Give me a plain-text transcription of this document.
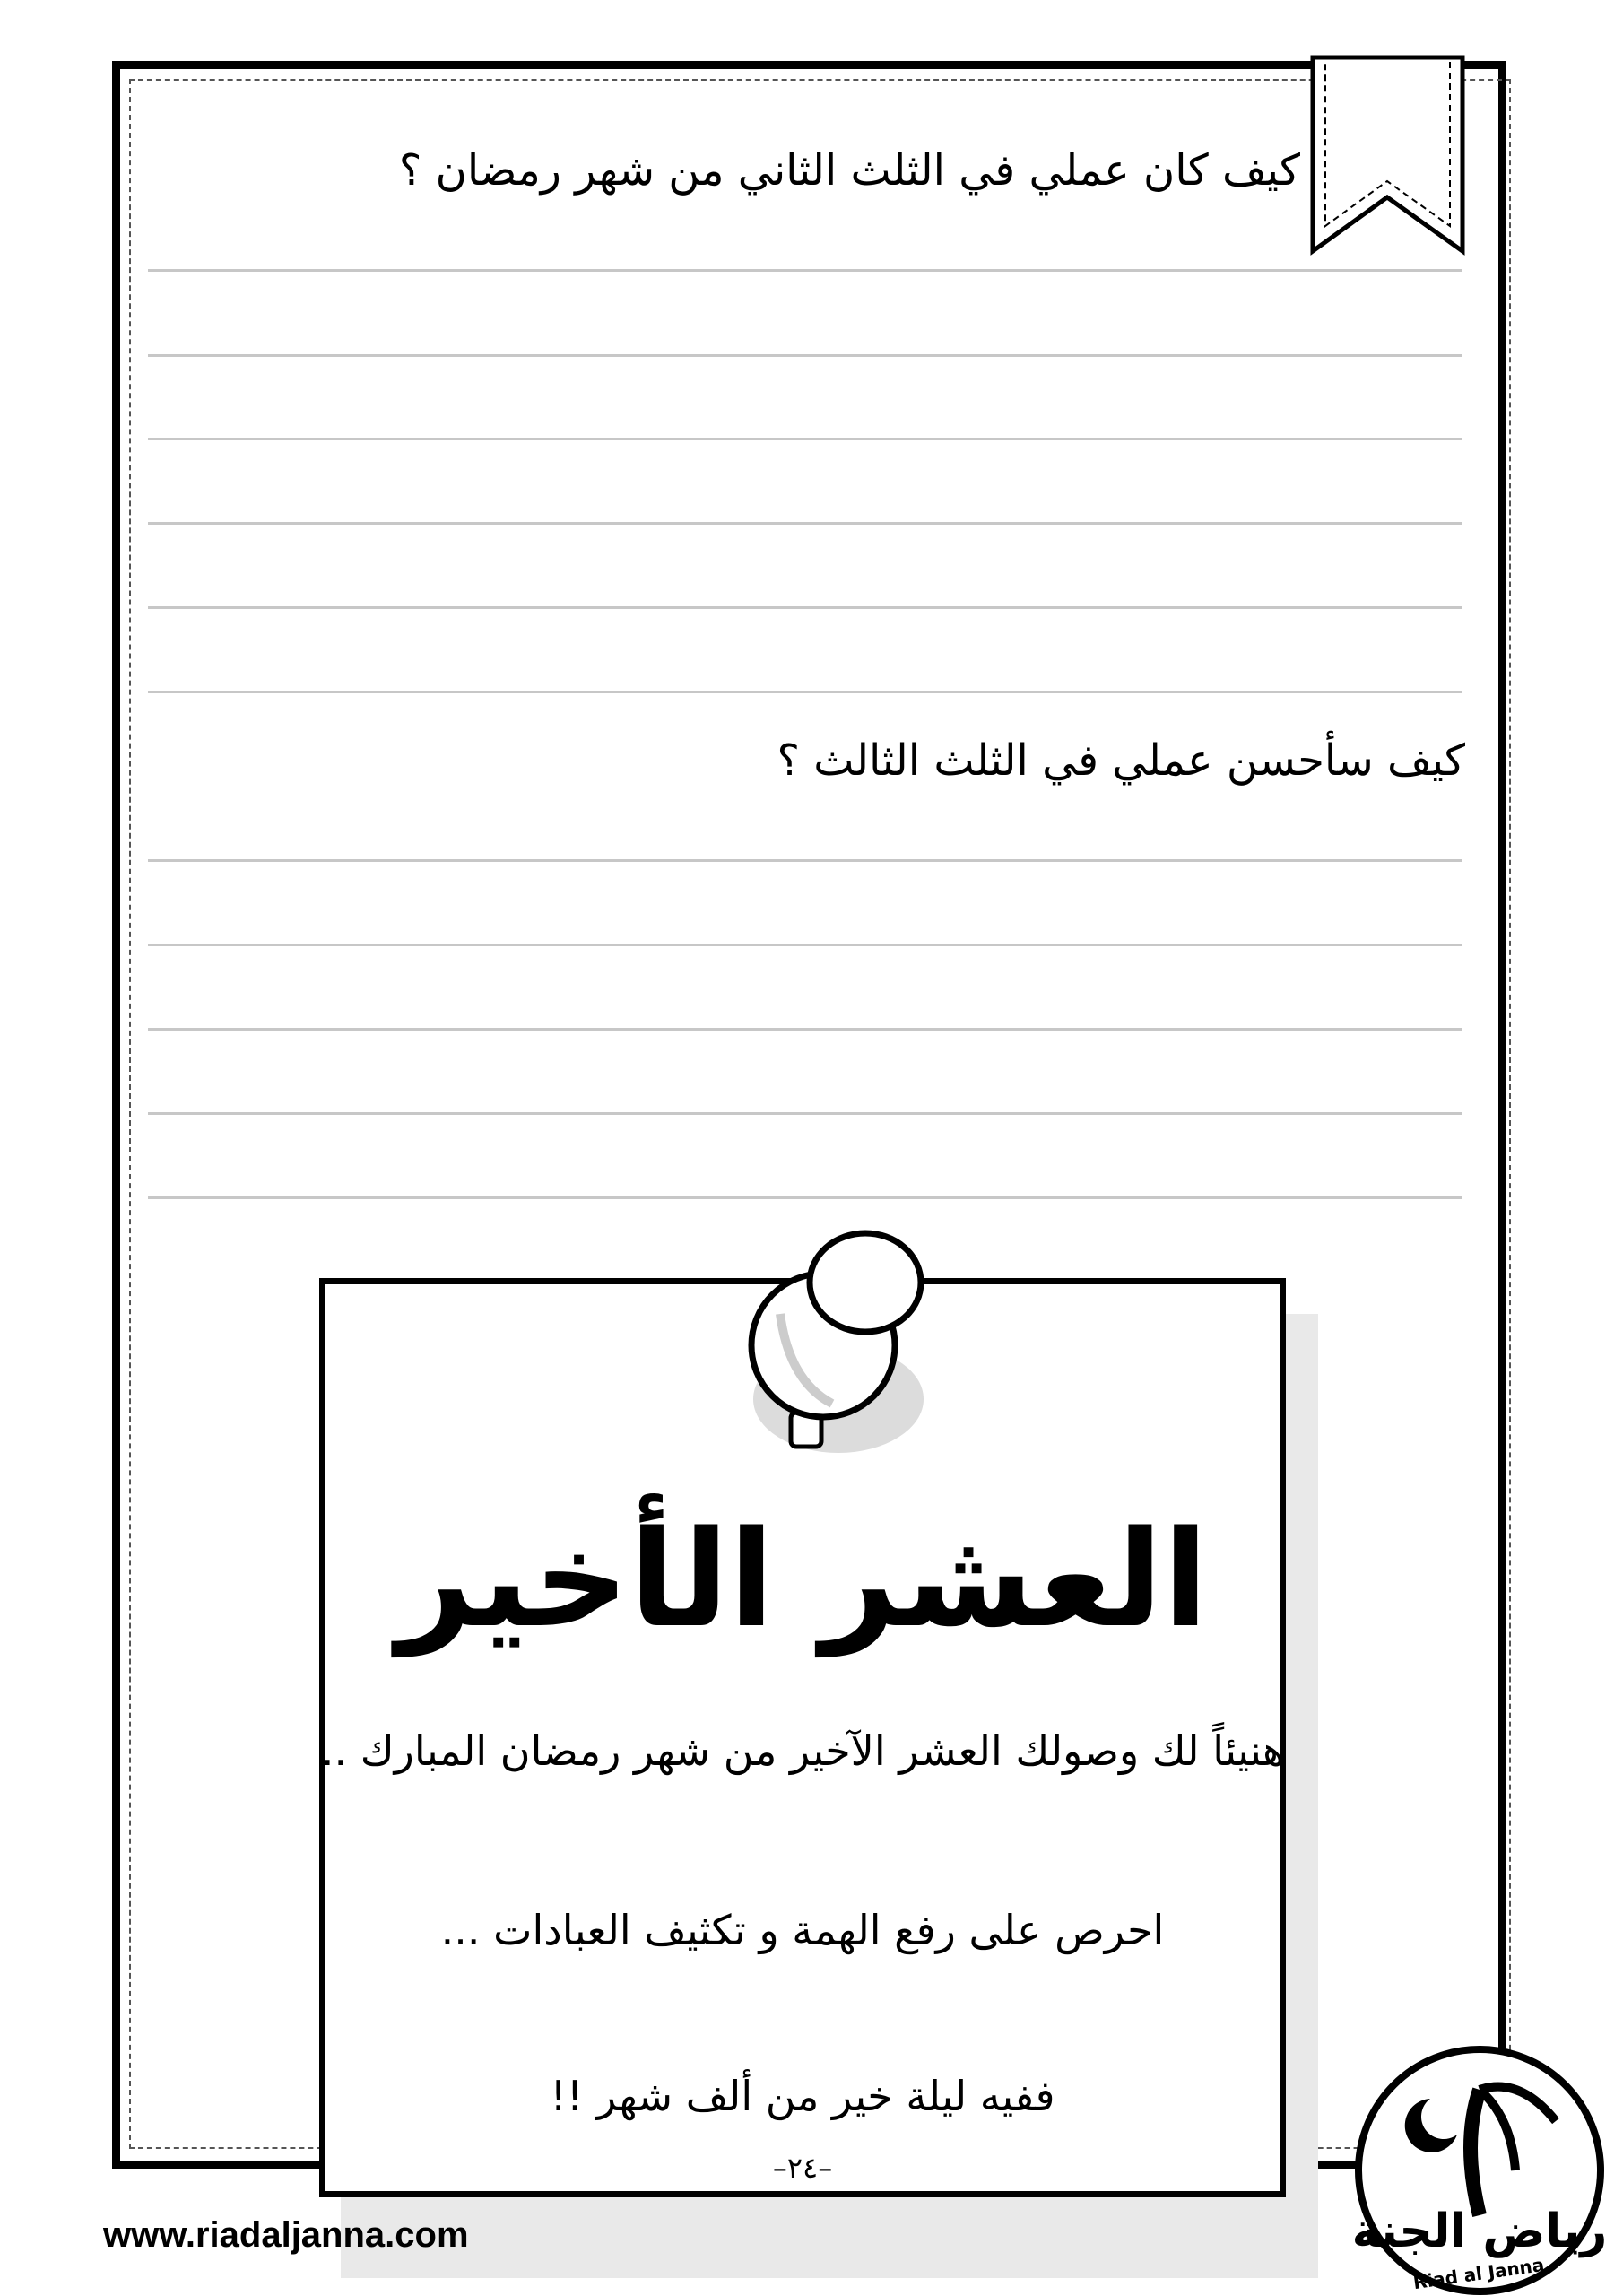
كيف كان عملي في الثلث الثاني من شهر رمضان ؟
كيف سأحسن عملي في الثلث الثالث ؟
العشر الأخير
هنيئاً لك وصولك العشر الآخير من شهر رمضان المبارك ..
احرص على رفع الهمة و تكثيف العبادات ...
ففيه ليلة خير من ألف شهر !!
–٢٤–
www.riadaljanna.com	رياض الجنة
Riad al Janna
